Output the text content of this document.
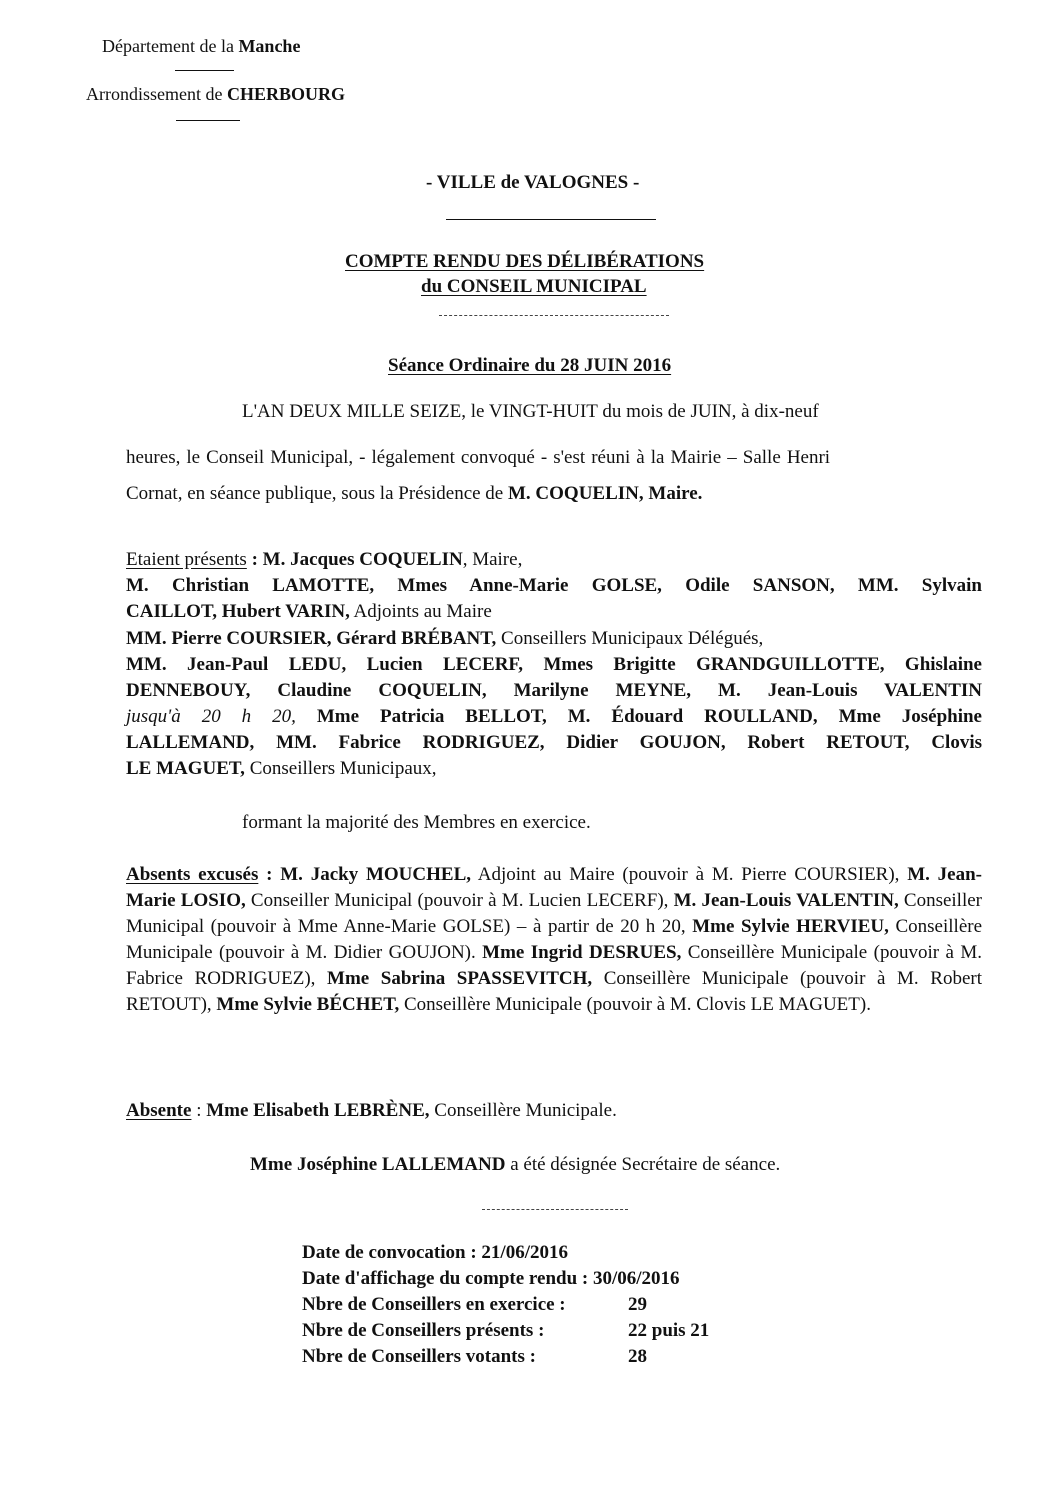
Département de la Manche
Arrondissement de CHERBOURG
- VILLE de VALOGNES -
COMPTE RENDU DES DÉLIBÉRATIONS
du CONSEIL MUNICIPAL
Séance Ordinaire du 28 JUIN 2016
L'AN DEUX MILLE SEIZE, le VINGT-HUIT du mois de JUIN, à dix-neuf
heures, le Conseil Municipal, - légalement convoqué - s'est réuni à la Mairie – Salle Henri
Cornat, en séance publique, sous la Présidence de M. COQUELIN, Maire.
Etaient présents : M. Jacques COQUELIN, Maire,
M. Christian LAMOTTE, Mmes Anne-Marie GOLSE, Odile SANSON, MM. Sylvain
CAILLOT, Hubert VARIN, Adjoints au Maire
MM. Pierre COURSIER, Gérard BRÉBANT, Conseillers Municipaux Délégués,
MM. Jean-Paul LEDU, Lucien LECERF, Mmes Brigitte GRANDGUILLOTTE, Ghislaine
DENNEBOUY, Claudine COQUELIN, Marilyne MEYNE, M. Jean-Louis VALENTIN
jusqu'à 20 h 20, Mme Patricia BELLOT, M. Édouard ROULLAND, Mme Joséphine
LALLEMAND, MM. Fabrice RODRIGUEZ, Didier GOUJON, Robert RETOUT, Clovis
LE MAGUET, Conseillers Municipaux,
formant la majorité des Membres en exercice.
Absents excusés : M. Jacky MOUCHEL, Adjoint au Maire (pouvoir à M. Pierre COURSIER), M. Jean-Marie LOSIO, Conseiller Municipal (pouvoir à M. Lucien LECERF), M. Jean-Louis VALENTIN, Conseiller Municipal (pouvoir à Mme Anne-Marie GOLSE) – à partir de 20 h 20, Mme Sylvie HERVIEU, Conseillère Municipale (pouvoir à M. Didier GOUJON). Mme Ingrid DESRUES, Conseillère Municipale (pouvoir à M. Fabrice RODRIGUEZ), Mme Sabrina SPASSEVITCH, Conseillère Municipale (pouvoir à M. Robert RETOUT), Mme Sylvie BÉCHET, Conseillère Municipale (pouvoir à M. Clovis LE MAGUET).
Absente : Mme Elisabeth LEBRÈNE, Conseillère Municipale.
Mme Joséphine LALLEMAND a été désignée Secrétaire de séance.
Date de convocation : 21/06/2016
Date d'affichage du compte rendu : 30/06/2016
Nbre de Conseillers en exercice :	29
Nbre de Conseillers présents :	22 puis 21
Nbre de Conseillers votants :	28
